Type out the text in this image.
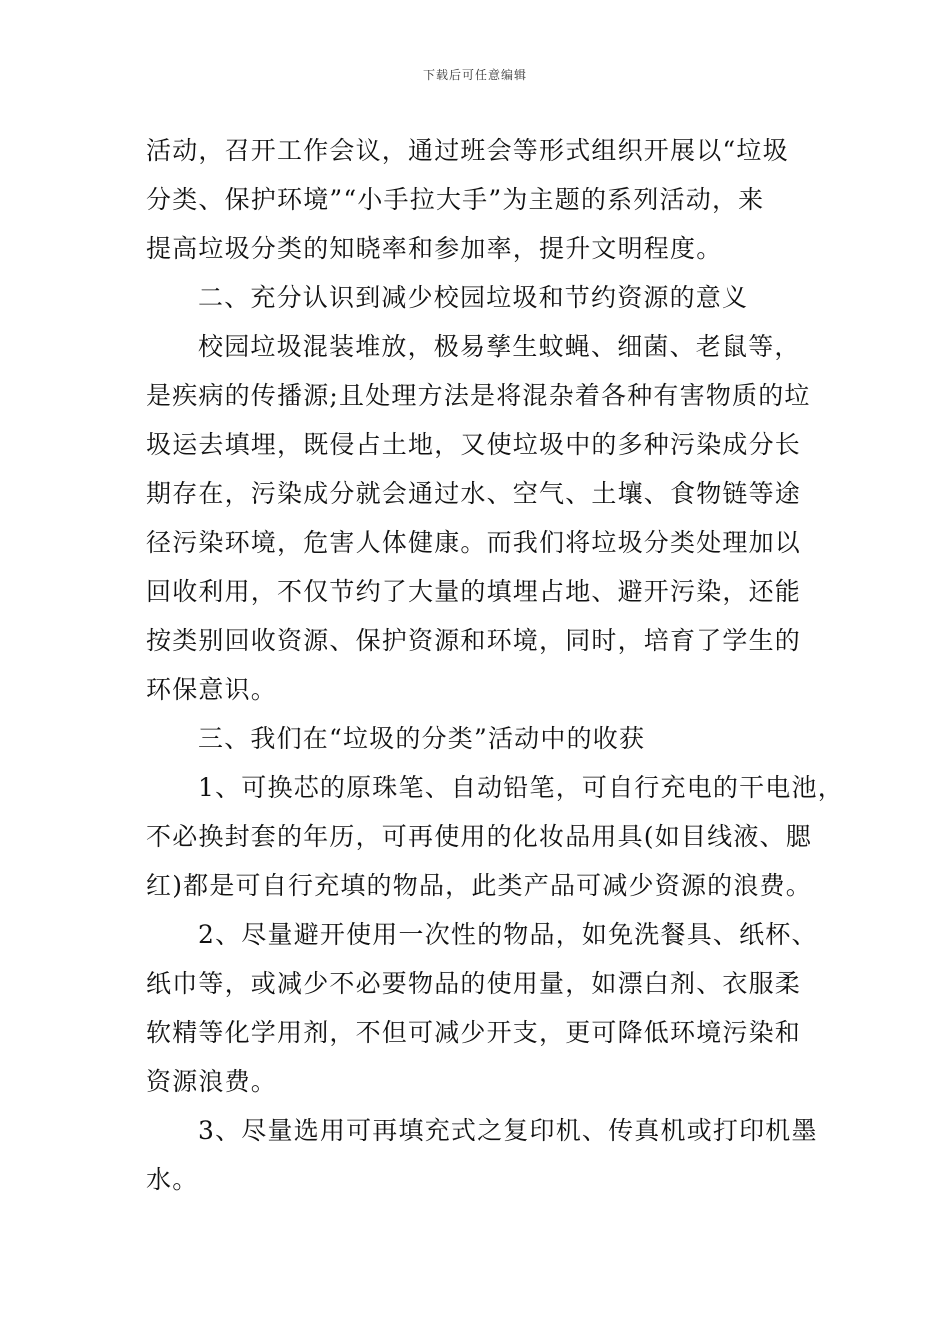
下载后可任意编辑
活动，召开工作会议，通过班会等形式组织开展以“垃圾
分类、保护环境”“小手拉大手”为主题的系列活动，来
提高垃圾分类的知晓率和参加率，提升文明程度。
二、充分认识到减少校园垃圾和节约资源的意义
校园垃圾混装堆放，极易孳生蚊蝇、细菌、老鼠等，
是疾病的传播源;且处理方法是将混杂着各种有害物质的垃
圾运去填埋，既侵占土地，又使垃圾中的多种污染成分长
期存在，污染成分就会通过水、空气、土壤、食物链等途
径污染环境，危害人体健康。而我们将垃圾分类处理加以
回收利用，不仅节约了大量的填埋占地、避开污染，还能
按类别回收资源、保护资源和环境，同时，培育了学生的
环保意识。
三、我们在“垃圾的分类”活动中的收获
1、可换芯的原珠笔、自动铅笔，可自行充电的干电池，
不必换封套的年历，可再使用的化妆品用具(如目线液、腮
红)都是可自行充填的物品，此类产品可减少资源的浪费。
2、尽量避开使用一次性的物品，如免洗餐具、纸杯、
纸巾等，或减少不必要物品的使用量，如漂白剂、衣服柔
软精等化学用剂，不但可减少开支，更可降低环境污染和
资源浪费。
3、尽量选用可再填充式之复印机、传真机或打印机墨
水。
